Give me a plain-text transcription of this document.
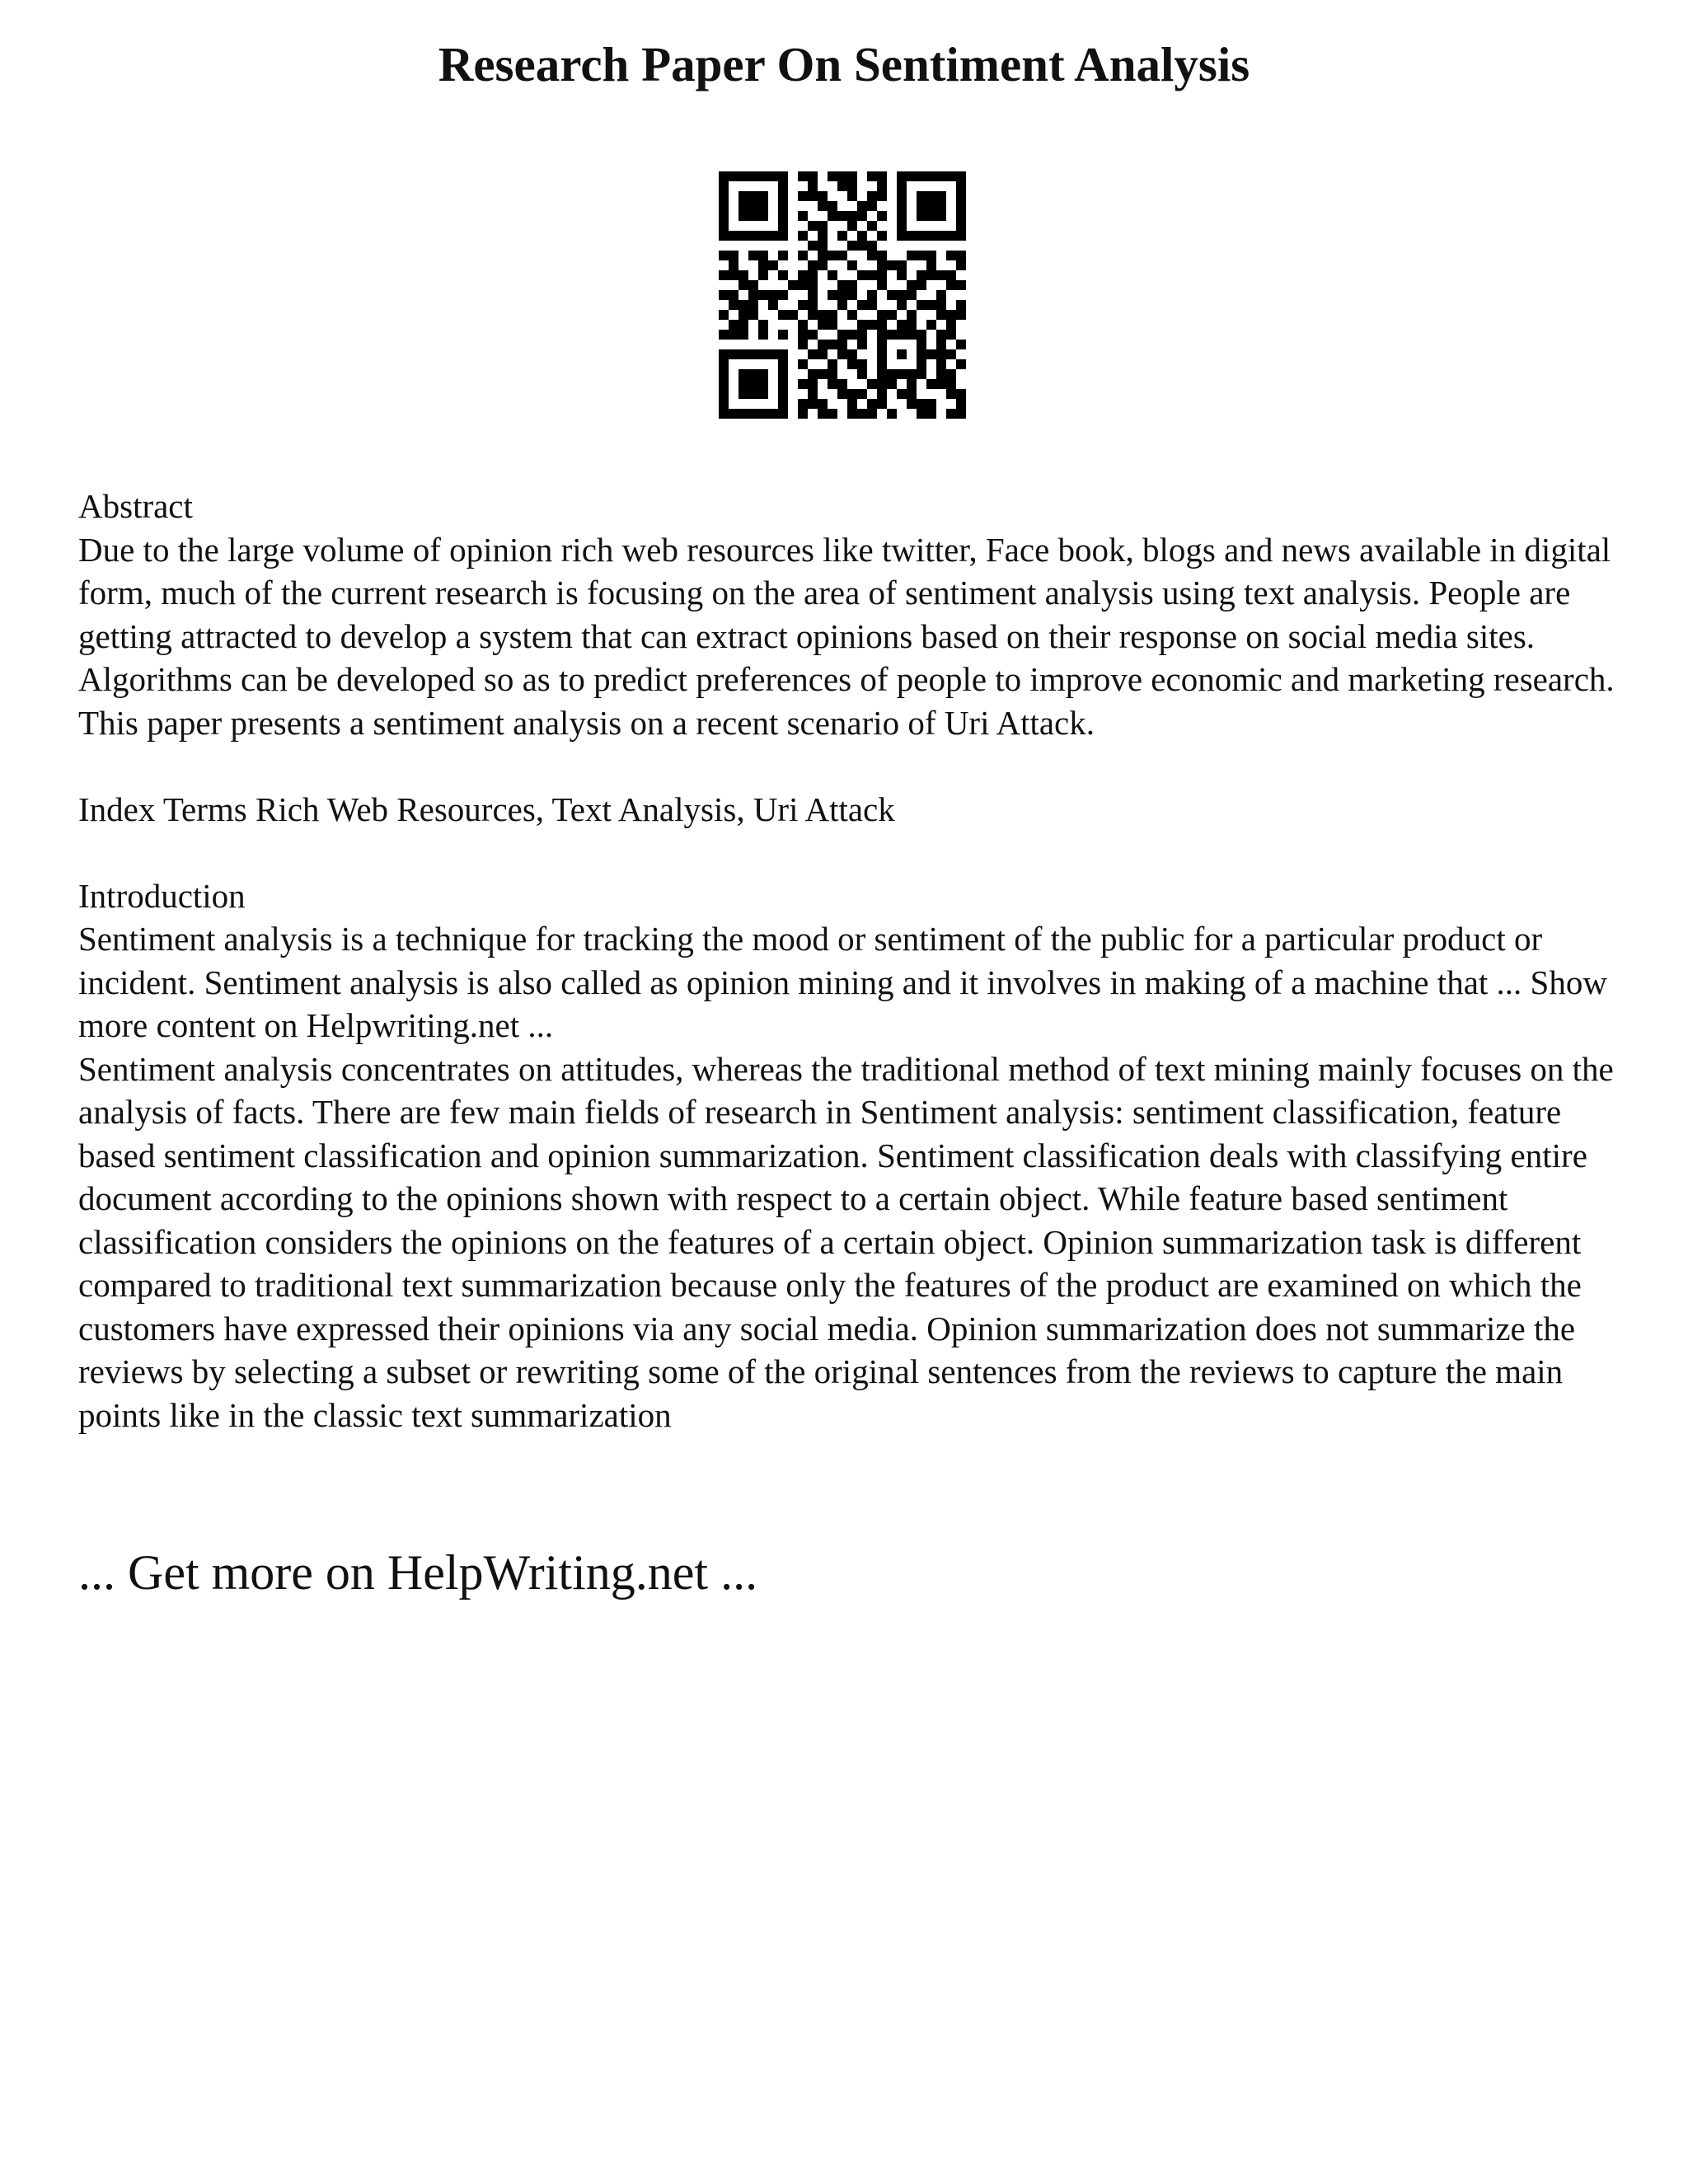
Research Paper On Sentiment Analysis

Abstract

Due to the large volume of opinion rich web resources like twitter, Face book, blogs and news available in digital form, much of the current research is focusing on the area of sentiment analysis using text analysis. People are getting attracted to develop a system that can extract opinions based on their response on social media sites. Algorithms can be developed so as to predict preferences of people to improve economic and marketing research. This paper presents a sentiment analysis on a recent scenario of Uri Attack.

Index Terms Rich Web Resources, Text Analysis, Uri Attack

Introduction

Sentiment analysis is a technique for tracking the mood or sentiment of the public for a particular product or incident. Sentiment analysis is also called as opinion mining and it involves in making of a machine that ... Show more content on Helpwriting.net ...

Sentiment analysis concentrates on attitudes, whereas the traditional method of text mining mainly focuses on the analysis of facts. There are few main fields of research in Sentiment analysis: sentiment classification, feature based sentiment classification and opinion summarization. Sentiment classification deals with classifying entire document according to the opinions shown with respect to a certain object. While feature based sentiment classification considers the opinions on the features of a certain object. Opinion summarization task is different compared to traditional text summarization because only the features of the product are examined on which the customers have expressed their opinions via any social media. Opinion summarization does not summarize the reviews by selecting a subset or rewriting some of the original sentences from the reviews to capture the main points like in the classic text summarization

... Get more on HelpWriting.net ...
